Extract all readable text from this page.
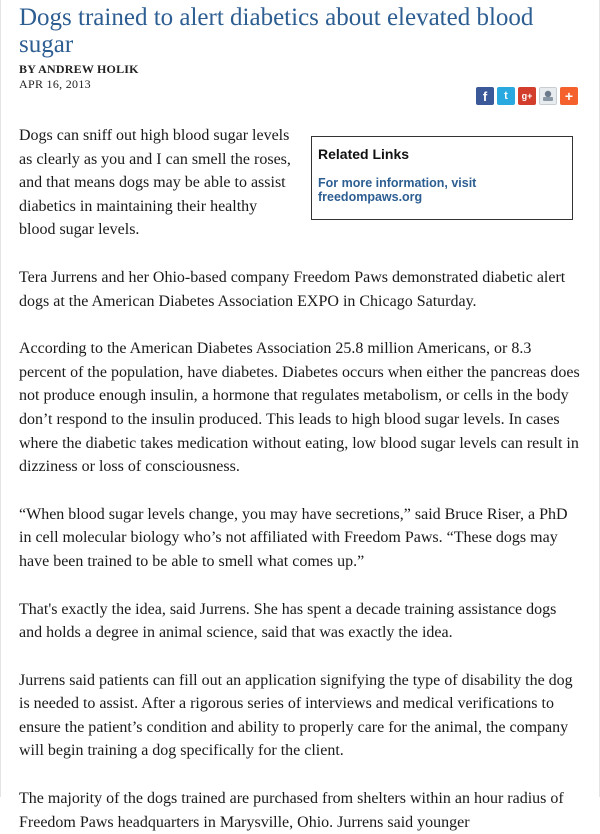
Dogs trained to alert diabetics about elevated blood sugar
BY ANDREW HOLIK
APR 16, 2013
f	t	g+	+
Related Links
For more information, visit freedompaws.org

Dogs can sniff out high blood sugar levels as clearly as you and I can smell the roses, and that means dogs may be able to assist diabetics in maintaining their healthy blood sugar levels.

Tera Jurrens and her Ohio-based company Freedom Paws demonstrated diabetic alert dogs at the American Diabetes Association EXPO in Chicago Saturday.

According to the American Diabetes Association 25.8 million Americans, or 8.3 percent of the population, have diabetes. Diabetes occurs when either the pancreas does not produce enough insulin, a hormone that regulates metabolism, or cells in the body don’t respond to the insulin produced. This leads to high blood sugar levels. In cases where the diabetic takes medication without eating, low blood sugar levels can result in dizziness or loss of consciousness.

“When blood sugar levels change, you may have secretions,” said Bruce Riser, a PhD in cell molecular biology who’s not affiliated with Freedom Paws. “These dogs may have been trained to be able to smell what comes up.”

That's exactly the idea, said Jurrens. She has spent a decade training assistance dogs and holds a degree in animal science, said that was exactly the idea.

Jurrens said patients can fill out an application signifying the type of disability the dog is needed to assist. After a rigorous series of interviews and medical verifications to ensure the patient’s condition and ability to properly care for the animal, the company will begin training a dog specifically for the client.

The majority of the dogs trained are purchased from shelters within an hour radius of Freedom Paws headquarters in Marysville, Ohio. Jurrens said younger
